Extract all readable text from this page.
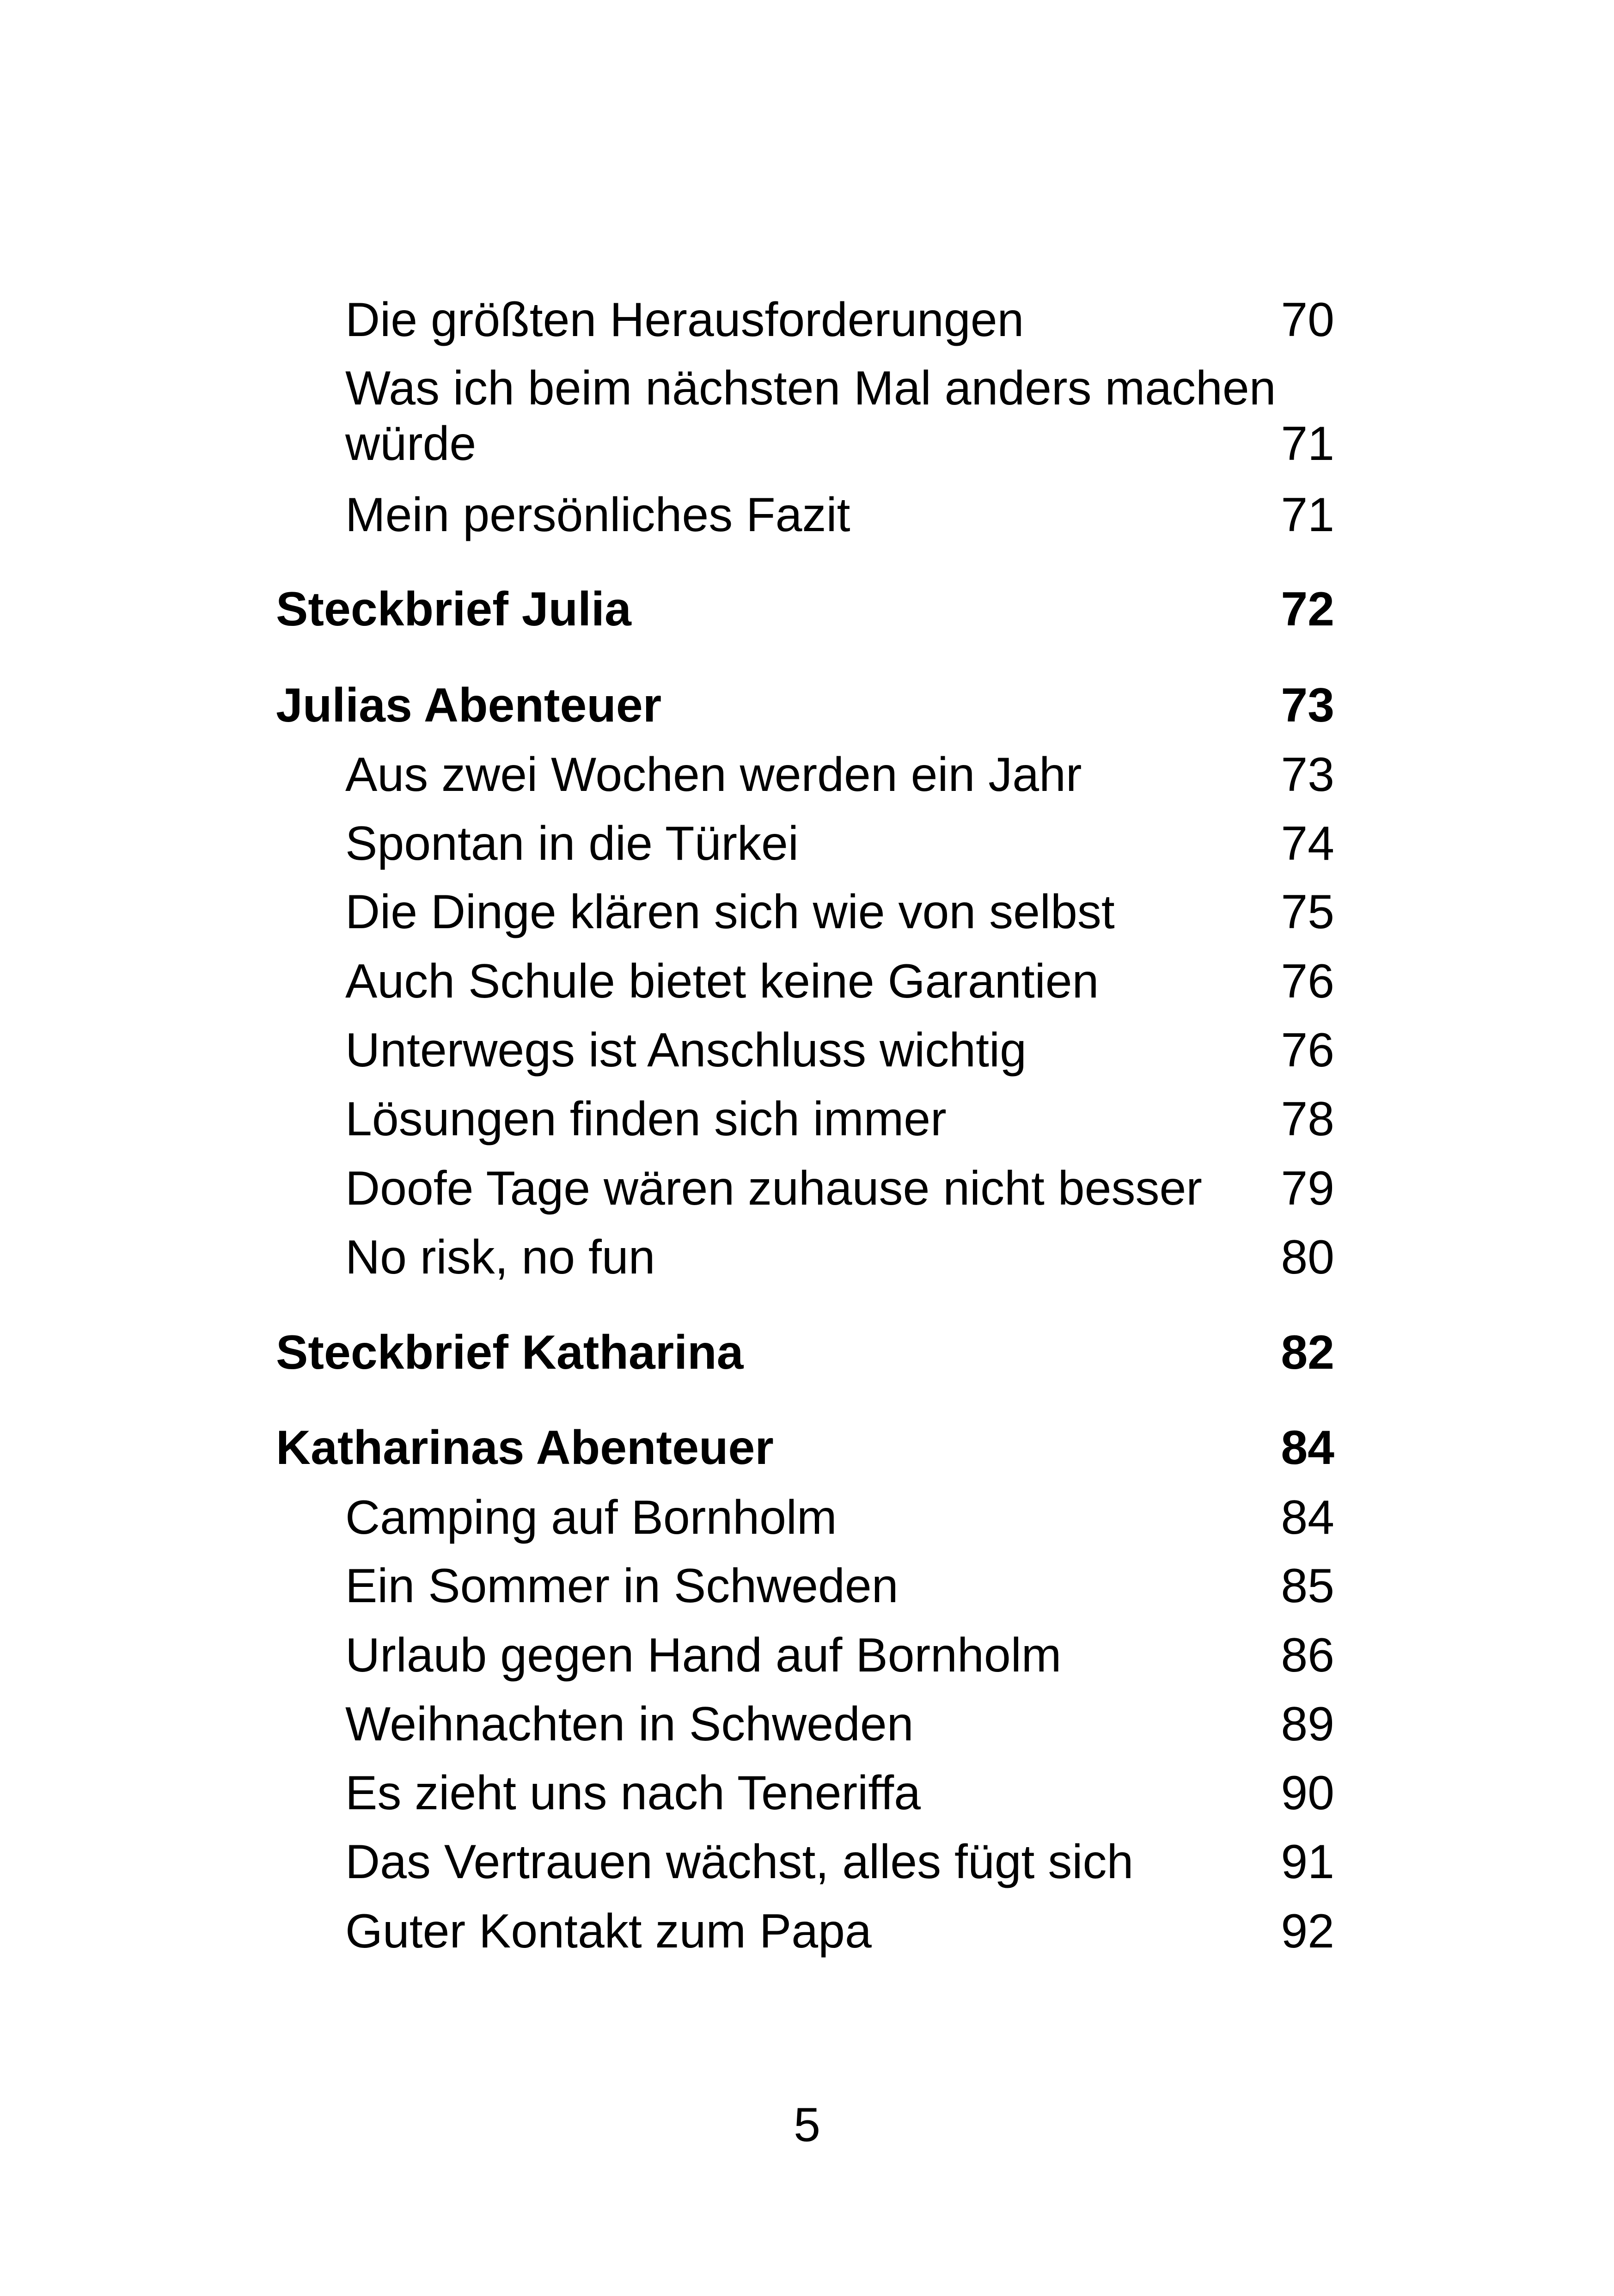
Die größten Herausforderungen	70
Was ich beim nächsten Mal anders machen
würde	71
Mein persönliches Fazit	71
Steckbrief Julia	72
Julias Abenteuer	73
Aus zwei Wochen werden ein Jahr	73
Spontan in die Türkei	74
Die Dinge klären sich wie von selbst	75
Auch Schule bietet keine Garantien	76
Unterwegs ist Anschluss wichtig	76
Lösungen finden sich immer	78
Doofe Tage wären zuhause nicht besser 79
No risk, no fun	80
Steckbrief Katharina	82
Katharinas Abenteuer	84
Camping auf Bornholm	84
Ein Sommer in Schweden	85
Urlaub gegen Hand auf Bornholm	86
Weihnachten in Schweden	89
Es zieht uns nach Teneriffa	90
Das Vertrauen wächst, alles fügt sich	91
Guter Kontakt zum Papa	92
5
